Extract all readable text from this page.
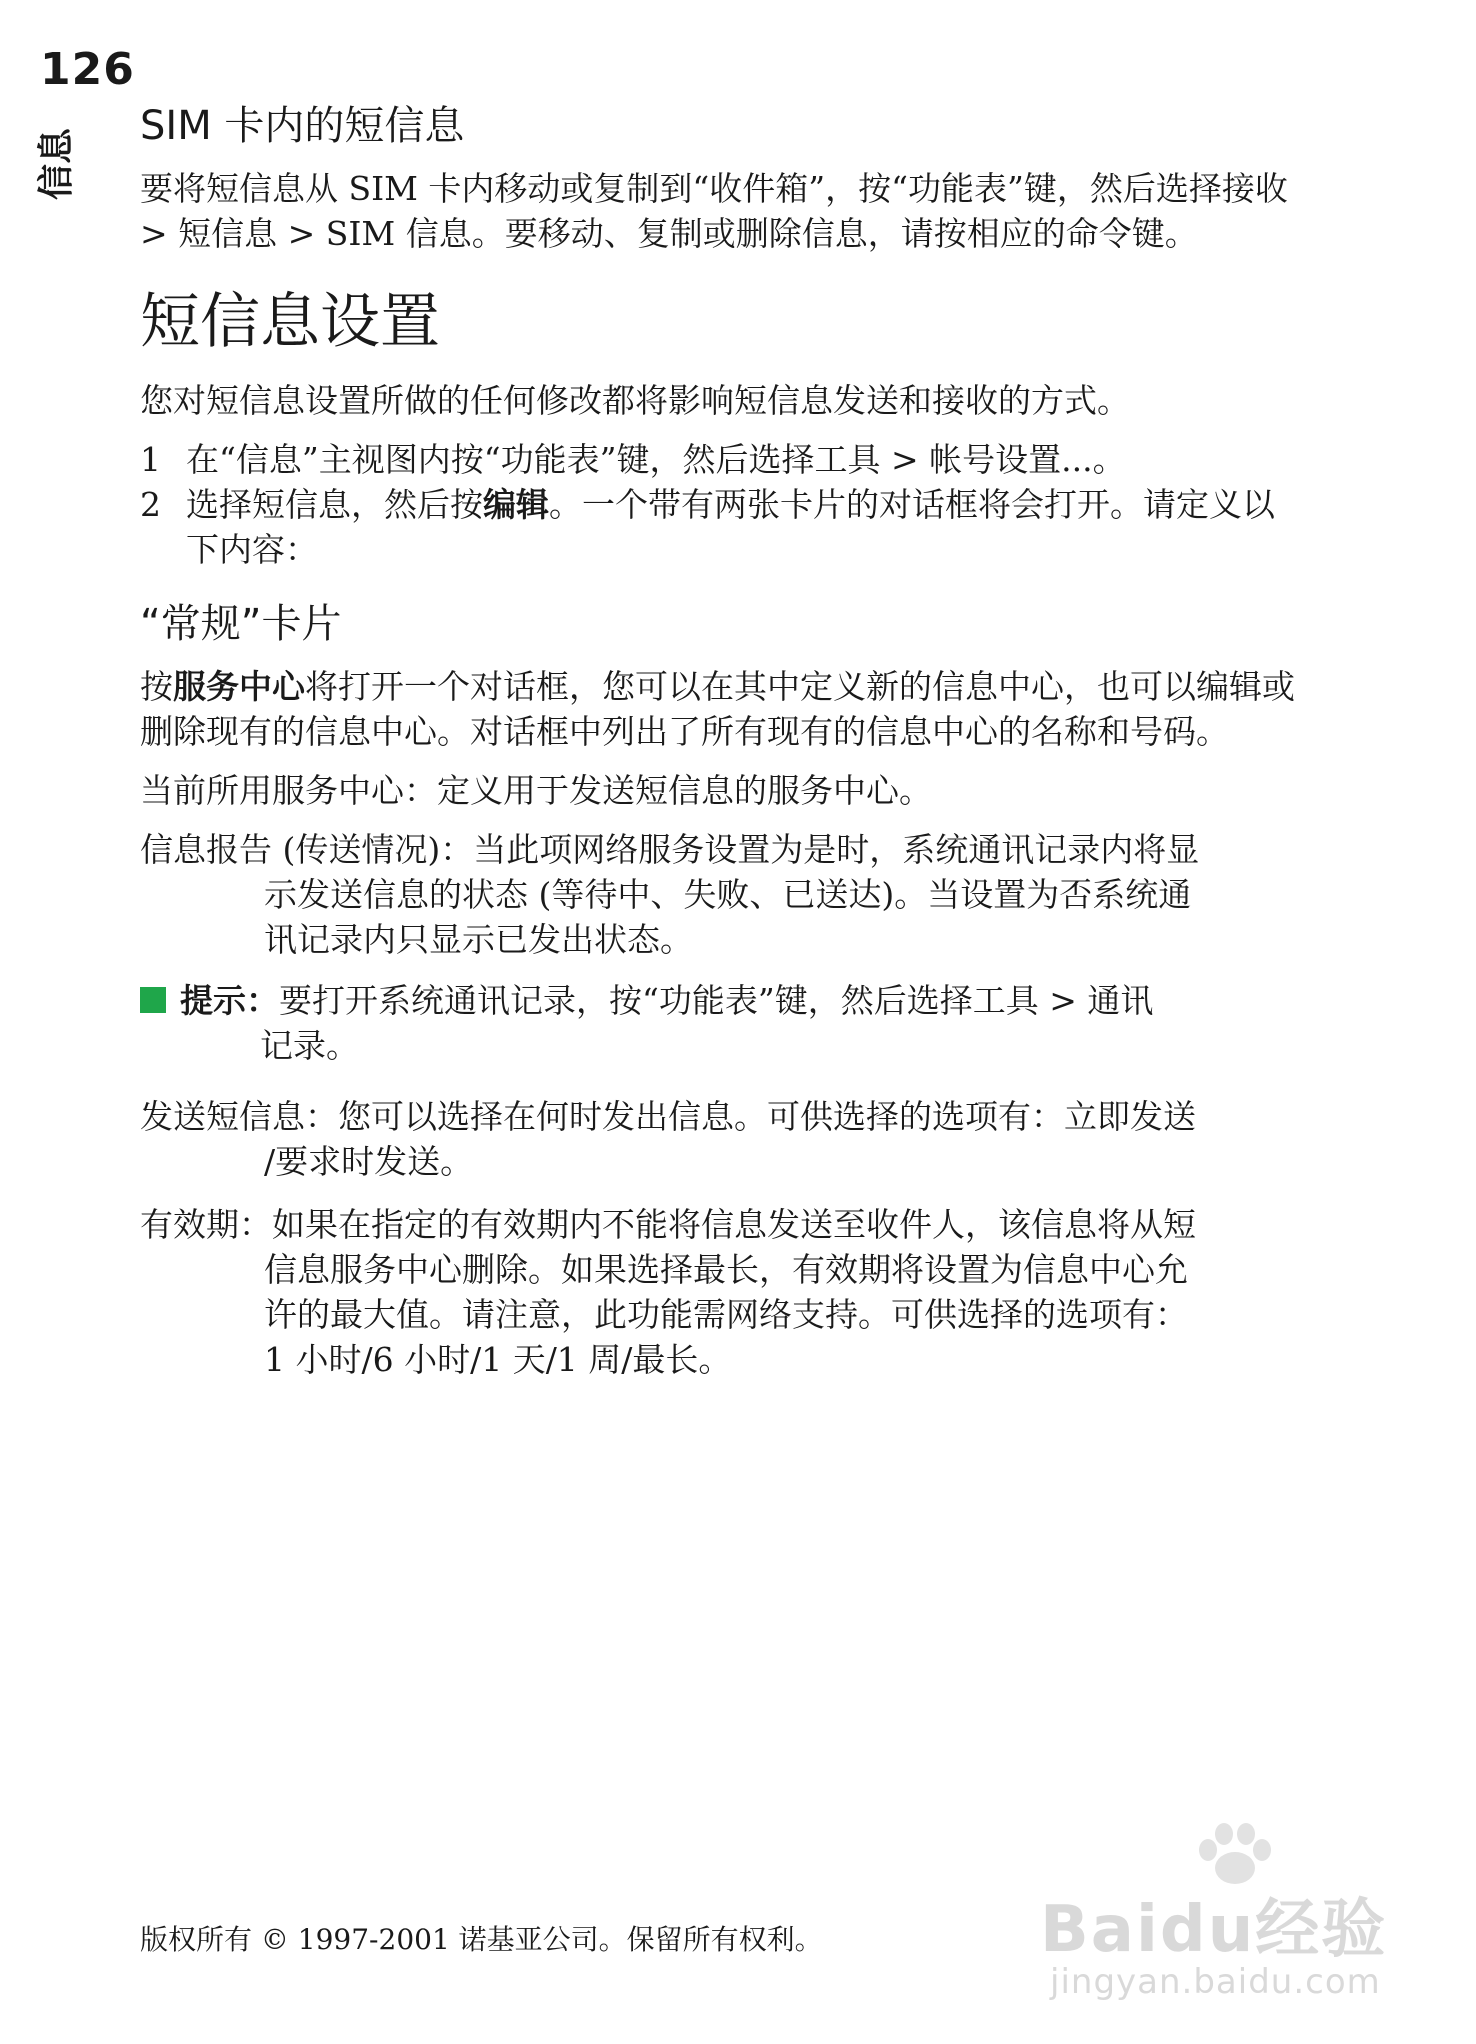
126
信息
SIM 卡内的短信息

要将短信息从 SIM 卡内移动或复制到“收件箱”，按“功能表”键，然后选择接收 > 短信息 > SIM 信息。要移动、复制或删除信息，请按相应的命令键。

短信息设置

您对短信息设置所做的任何修改都将影响短信息发送和接收的方式。

1 在“信息”主视图内按“功能表”键，然后选择工具 > 帐号设置...。
2 选择短信息，然后按编辑。一个带有两张卡片的对话框将会打开。请定义以下内容：
“常规”卡片

按服务中心将打开一个对话框，您可以在其中定义新的信息中心，也可以编辑或删除现有的信息中心。对话框中列出了所有现有的信息中心的名称和号码。

当前所用服务中心：定义用于发送短信息的服务中心。
信息报告 (传送情况)：当此项网络服务设置为是时，系统通讯记录内将显
示发送信息的状态 (等待中、失败、已送达)。当设置为否系统通
讯记录内只显示已发出状态。
提示：要打开系统通讯记录，按“功能表”键，然后选择工具 > 通讯
记录。
发送短信息：您可以选择在何时发出信息。可供选择的选项有：立即发送
/要求时发送。
有效期：如果在指定的有效期内不能将信息发送至收件人，该信息将从短
信息服务中心删除。如果选择最长，有效期将设置为信息中心允
许的最大值。请注意，此功能需网络支持。可供选择的选项有：
1 小时/6 小时/1 天/1 周/最长。
版权所有 © 1997-2001 诺基亚公司。保留所有权利。	Baidu经验
jingyan.baidu.com
